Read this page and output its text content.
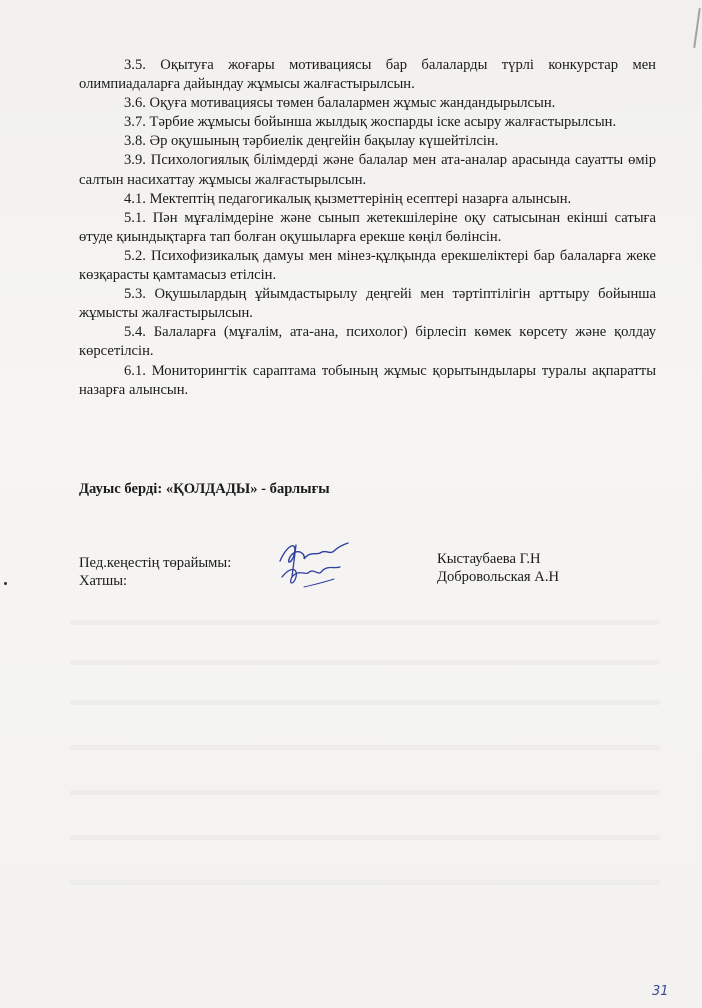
3.5. Оқытуға жоғары мотивациясы бар балаларды түрлі конкурстар мен олимпиадаларға дайындау жұмысы жалғастырылсын.

3.6. Оқуға мотивациясы төмен балалармен жұмыс жандандырылсын.

3.7. Тәрбие жұмысы бойынша жылдық жоспарды іске асыру жалғастырылсын.

3.8. Әр оқушының тәрбиелік деңгейін бақылау күшейтілсін.

3.9. Психологиялық білімдерді және балалар мен ата-аналар арасында сауатты өмір салтын насихаттау жұмысы жалғастырылсын.

4.1. Мектептің педагогикалық қызметтерінің есептері назарға алынсын.

5.1. Пән мұғалімдеріне және сынып жетекшілеріне оқу сатысынан екінші сатыға өтуде қиындықтарға тап болған оқушыларға ерекше көңіл бөлінсін.

5.2. Психофизикалық дамуы мен мінез-құлқында ерекшеліктері бар балаларға жеке көзқарасты қамтамасыз етілсін.

5.3. Оқушылардың ұйымдастырылу деңгейі мен тәртіптілігін арттыру бойынша жұмысты жалғастырылсын.

5.4. Балаларға (мұғалім, ата-ана, психолог) бірлесіп көмек көрсету және қолдау көрсетілсін.

6.1. Мониторингтік сараптама тобының жұмыс қорытындылары туралы ақпаратты назарға алынсын.

Дауыс берді: «ҚОЛДАДЫ» - барлығы
Пед.кеңестің төрайымы:
Хатшы:
Кыстаубаева Г.Н
Добровольская А.Н
31
